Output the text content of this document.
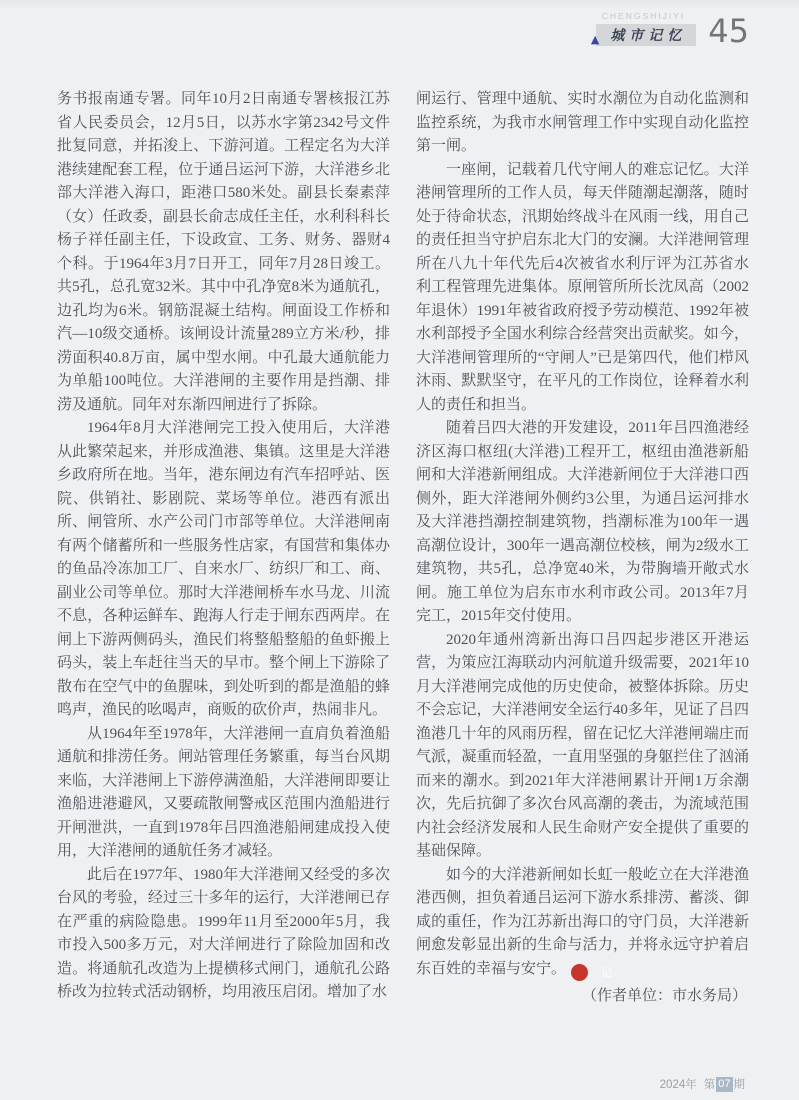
CHENGSHIJIYI
▲ 城市记忆 45

务书报南通专署。同年10月2日南通专署核报江苏省人民委员会，12月5日，以苏水字第2342号文件批复同意，并拓浚上、下游河道。工程定名为大洋港续建配套工程，位于通吕运河下游，大洋港乡北部大洋港入海口，距港口580米处。副县长秦素萍（女）任政委，副县长俞志成任主任，水利科科长杨子祥任副主任，下设政宣、工务、财务、器财4个科。于1964年3月7日开工，同年7月28日竣工。共5孔，总孔宽32米。其中中孔净宽8米为通航孔，边孔均为6米。钢筋混凝土结构。闸面设工作桥和汽—10级交通桥。该闸设计流量289立方米/秒，排涝面积40.8万亩，属中型水闸。中孔最大通航能力为单船100吨位。大洋港闸的主要作用是挡潮、排涝及通航。同年对东渐四闸进行了拆除。

1964年8月大洋港闸完工投入使用后，大洋港从此繁荣起来，并形成渔港、集镇。这里是大洋港乡政府所在地。当年，港东闸边有汽车招呼站、医院、供销社、影剧院、菜场等单位。港西有派出所、闸管所、水产公司门市部等单位。大洋港闸南有两个储蓄所和一些服务性店家，有国营和集体办的鱼品冷冻加工厂、自来水厂、纺织厂和工、商、副业公司等单位。那时大洋港闸桥车水马龙、川流不息，各种运鲜车、跑海人行走于闸东西两岸。在闸上下游两侧码头，渔民们将整船整船的鱼虾搬上码头，装上车赶往当天的早市。整个闸上下游除了散布在空气中的鱼腥味，到处听到的都是渔船的蜂鸣声，渔民的吆喝声，商贩的砍价声，热闹非凡。

从1964年至1978年，大洋港闸一直肩负着渔船通航和排涝任务。闸站管理任务繁重，每当台风期来临，大洋港闸上下游停满渔船，大洋港闸即要让渔船进港避风，又要疏散闸警戒区范围内渔船进行开闸泄洪，一直到1978年吕四渔港船闸建成投入使用，大洋港闸的通航任务才减轻。

此后在1977年、1980年大洋港闸又经受的多次台风的考验，经过三十多年的运行，大洋港闸已存在严重的病险隐患。1999年11月至2000年5月，我市投入500多万元，对大洋闸进行了除险加固和改造。将通航孔改造为上提横移式闸门，通航孔公路桥改为拉转式活动钢桥，均用液压启闭。增加了水

闸运行、管理中通航、实时水潮位为自动化监测和监控系统，为我市水闸管理工作中实现自动化监控第一闸。

一座闸，记载着几代守闸人的难忘记忆。大洋港闸管理所的工作人员，每天伴随潮起潮落，随时处于待命状态，汛期始终战斗在风雨一线，用自己的责任担当守护启东北大门的安澜。大洋港闸管理所在八九十年代先后4次被省水利厅评为江苏省水利工程管理先进集体。原闸管所所长沈凤高（2002年退休）1991年被省政府授予劳动模范、1992年被水利部授予全国水利综合经营突出贡献奖。如今，大洋港闸管理所的“守闸人”已是第四代，他们栉风沐雨、默默坚守，在平凡的工作岗位，诠释着水利人的责任和担当。

随着吕四大港的开发建设，2011年吕四渔港经济区海口枢纽(大洋港)工程开工，枢纽由渔港新船闸和大洋港新闸组成。大洋港新闸位于大洋港口西侧外，距大洋港闸外侧约3公里，为通吕运河排水及大洋港挡潮控制建筑物，挡潮标准为100年一遇高潮位设计，300年一遇高潮位校核，闸为2级水工建筑物，共5孔，总净宽40米，为带胸墙开敞式水闸。施工单位为启东市水利市政公司。2013年7月完工，2015年交付使用。

2020年通州湾新出海口吕四起步港区开港运营，为策应江海联动内河航道升级需要，2021年10月大洋港闸完成他的历史使命，被整体拆除。历史不会忘记，大洋港闸安全运行40多年，见证了吕四渔港几十年的风雨历程，留在记忆大洋港闸端庄而气派，凝重而轻盈，一直用坚强的身躯拦住了汹涌而来的潮水。到2021年大洋港闸累计开闸1万余潮次，先后抗御了多次台风高潮的袭击，为流域范围内社会经济发展和人民生命财产安全提供了重要的基础保障。

如今的大洋港新闸如长虹一般屹立在大洋港渔港西侧，担负着通吕运河下游水系排涝、蓄淡、御咸的重任，作为江苏新出海口的守门员，大洋港新闸愈发彰显出新的生命与活力，并将永远守护着启东百姓的幸福与安宁。	记

（作者单位：市水务局）
2024年 第 07 期
